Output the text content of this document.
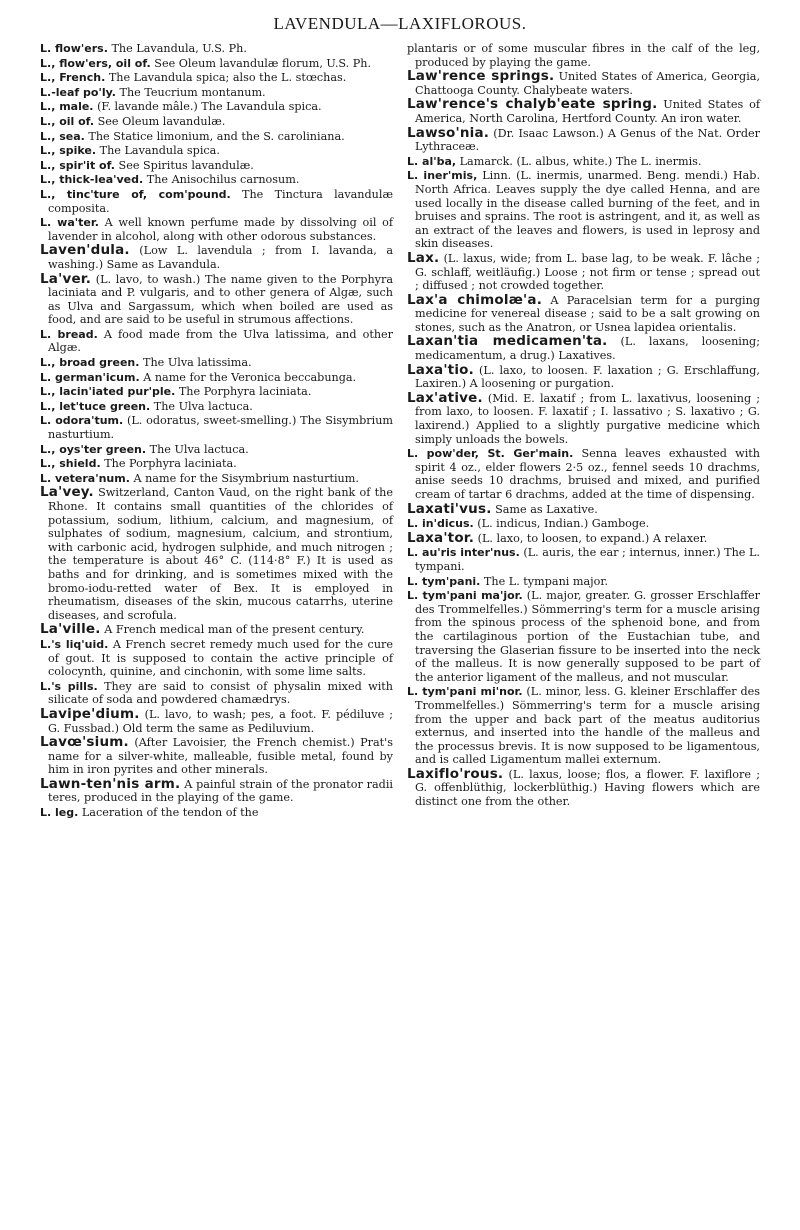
LAVENDULA—LAXIFLOROUS.

L. flow'ers. The Lavandula, U.S. Ph.

L., flow'ers, oil of. See Oleum lavandulæ florum, U.S. Ph.

L., French. The Lavandula spica; also the L. stœchas.

L.-leaf po'ly. The Teucrium montanum.

L., male. (F. lavande mâle.) The Lavandula spica.

L., oil of. See Oleum lavandulæ.

L., sea. The Statice limonium, and the S. caroliniana.

L., spike. The Lavandula spica.

L., spir'it of. See Spiritus lavandulæ.

L., thick-lea'ved. The Anisochilus carnosum.

L., tinc'ture of, com'pound. The Tinctura lavandulæ composita.

L. wa'ter. A well known perfume made by dissolving oil of lavender in alcohol, along with other odorous substances.

Laven'dula. (Low L. lavendula ; from I. lavanda, a washing.) Same as Lavandula.

La'ver. (L. lavo, to wash.) The name given to the Porphyra laciniata and P. vulgaris, and to other genera of Algæ, such as Ulva and Sargassum, which when boiled are used as food, and are said to be useful in strumous affections.

L. bread. A food made from the Ulva latissima, and other Algæ.

L., broad green. The Ulva latissima.

L. german'icum. A name for the Veronica beccabunga.

L., lacin'iated pur'ple. The Porphyra laciniata.

L., let'tuce green. The Ulva lactuca.

L. odora'tum. (L. odoratus, sweet-smelling.) The Sisymbrium nasturtium.

L., oys'ter green. The Ulva lactuca.

L., shield. The Porphyra laciniata.

L. vetera'num. A name for the Sisymbrium nasturtium.

La'vey. Switzerland, Canton Vaud, on the right bank of the Rhone. It contains small quantities of the chlorides of potassium, sodium, lithium, calcium, and magnesium, of sulphates of sodium, magnesium, calcium, and strontium, with carbonic acid, hydrogen sulphide, and much nitrogen ; the temperature is about 46° C. (114·8° F.) It is used as baths and for drinking, and is sometimes mixed with the bromo-iodu-retted water of Bex. It is employed in rheumatism, diseases of the skin, mucous catarrhs, uterine diseases, and scrofula.

La'ville. A French medical man of the present century.

L.'s liq'uid. A French secret remedy much used for the cure of gout. It is supposed to contain the active principle of colocynth, quinine, and cinchonin, with some lime salts.

L.'s pills. They are said to consist of physalin mixed with silicate of soda and powdered chamædrys.

Lavipe'dium. (L. lavo, to wash; pes, a foot. F. pédiluve ; G. Fussbad.) Old term the same as Pediluvium.

Lavœ'sium. (After Lavoisier, the French chemist.) Prat's name for a silver-white, malleable, fusible metal, found by him in iron pyrites and other minerals.

Lawn-ten'nis arm. A painful strain of the pronator radii teres, produced in the playing of the game.

L. leg. Laceration of the tendon of the

plantaris or of some muscular fibres in the calf of the leg, produced by playing the game.

Law'rence springs. United States of America, Georgia, Chattooga County. Chalybeate waters.

Law'rence's chalyb'eate spring. United States of America, North Carolina, Hertford County. An iron water.

Lawso'nia. (Dr. Isaac Lawson.) A Genus of the Nat. Order Lythraceæ.

L. al'ba, Lamarck. (L. albus, white.) The L. inermis.

L. iner'mis, Linn. (L. inermis, unarmed. Beng. mendi.) Hab. North Africa. Leaves supply the dye called Henna, and are used locally in the disease called burning of the feet, and in bruises and sprains. The root is astringent, and it, as well as an extract of the leaves and flowers, is used in leprosy and skin diseases.

Lax. (L. laxus, wide; from L. base lag, to be weak. F. lâche ; G. schlaff, weitläufig.) Loose ; not firm or tense ; spread out ; diffused ; not crowded together.

Lax'a chimolæ'a. A Paracelsian term for a purging medicine for venereal disease ; said to be a salt growing on stones, such as the Anatron, or Usnea lapidea orientalis.

Laxan'tia medicamen'ta. (L. laxans, loosening; medicamentum, a drug.) Laxatives.

Laxa'tio. (L. laxo, to loosen. F. laxation ; G. Erschlaffung, Laxiren.) A loosening or purgation.

Lax'ative. (Mid. E. laxatif ; from L. laxativus, loosening ; from laxo, to loosen. F. laxatif ; I. lassativo ; S. laxativo ; G. laxirend.) Applied to a slightly purgative medicine which simply unloads the bowels.

L. pow'der, St. Ger'main. Senna leaves exhausted with spirit 4 oz., elder flowers 2·5 oz., fennel seeds 10 drachms, anise seeds 10 drachms, bruised and mixed, and purified cream of tartar 6 drachms, added at the time of dispensing.

Laxati'vus. Same as Laxative.

L. in'dicus. (L. indicus, Indian.) Gamboge.

Laxa'tor. (L. laxo, to loosen, to expand.) A relaxer.

L. au'ris inter'nus. (L. auris, the ear ; internus, inner.) The L. tympani.

L. tym'pani. The L. tympani major.

L. tym'pani ma'jor. (L. major, greater. G. grosser Erschlaffer des Trommelfelles.) Sömmerring's term for a muscle arising from the spinous process of the sphenoid bone, and from the cartilaginous portion of the Eustachian tube, and traversing the Glaserian fissure to be inserted into the neck of the malleus. It is now generally supposed to be part of the anterior ligament of the malleus, and not muscular.

L. tym'pani mi'nor. (L. minor, less. G. kleiner Erschlaffer des Trommelfelles.) Sömmerring's term for a muscle arising from the upper and back part of the meatus auditorius externus, and inserted into the handle of the malleus and the processus brevis. It is now supposed to be ligamentous, and is called Ligamentum mallei externum.

Laxiflo'rous. (L. laxus, loose; flos, a flower. F. laxiflore ; G. offenblüthig, lockerblüthig.) Having flowers which are distinct one from the other.
